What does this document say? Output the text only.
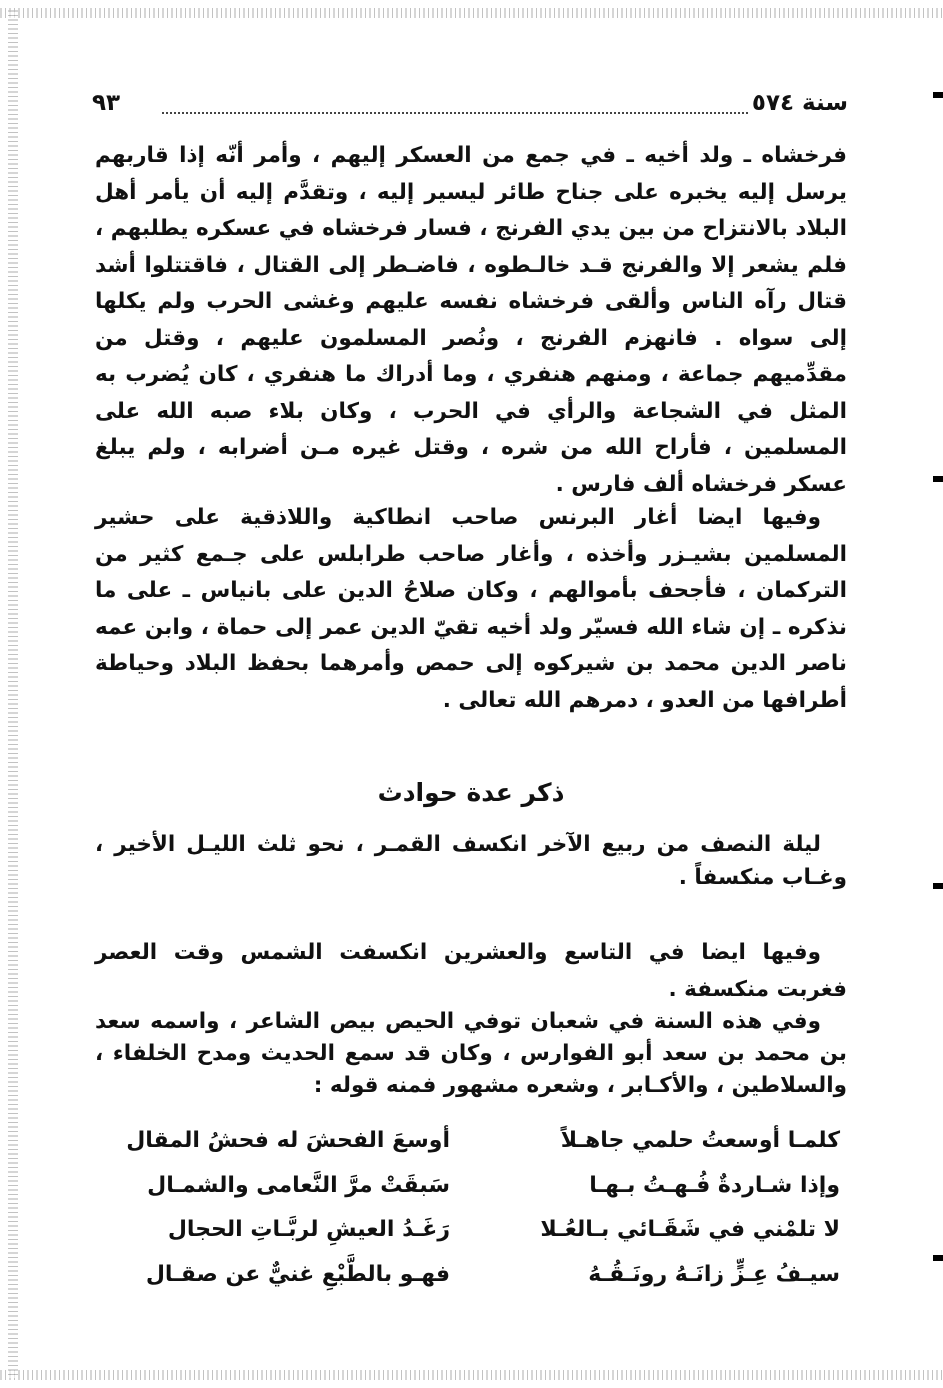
سنة ٥٧٤
٩٣
فرخشاه ـ ولد أخيه ـ في جمع من العسكر إليهم ، وأمر أنّه إذا قاربهم يرسل إليه يخبره على جناح طائر ليسير إليه ، وتقدَّم إليه أن يأمر أهل البلاد بالانتزاح من بين يدي الفرنج ، فسار فرخشاه في عسكره يطلبهم ، فلم يشعر إلا والفرنج قـد خالـطوه ، فاضـطر إلى القتال ، فاقتتلوا أشد قتال رآه الناس وألقى فرخشاه نفسه عليهم وغشى الحرب ولم يكلها إلى سواه . فانهزم الفرنج ، ونُصر المسلمون عليهم ، وقتل من مقدِّميهم جماعة ، ومنهم هنفري ، وما أدراك ما هنفري ، كان يُضرب به المثل في الشجاعة والرأي في الحرب ، وكان بلاء صبه الله على المسلمين ، فأراح الله من شره ، وقتل غيره مـن أضرابه ، ولم يبلغ عسكر فرخشاه ألف فارس .
وفيها ايضا أغار البرنس صاحب انطاكية واللاذقية على حشير المسلمين بشيـزر وأخذه ، وأغار صاحب طرابلس على جـمع كثير من التركمان ، فأجحف بأموالهم ، وكان صلاحُ الدين على بانياس ـ على ما نذكره ـ إن شاء الله فسيّر ولد أخيه تقيّ الدين عمر إلى حماة ، وابن عمه ناصر الدين محمد بن شيركوه إلى حمص وأمرهما بحفظ البلاد وحياطة أطرافها من العدو ، دمرهم الله تعالى .
ذكر عدة حوادث
ليلة النصف من ربيع الآخر انكسف القمـر ، نحو ثلث الليـل الأخير ، وغـاب منكسفاً .
وفيها ايضا في التاسع والعشرين انكسفت الشمس وقت العصر فغربت منكسفة .
وفي هذه السنة في شعبان توفي الحيص بيص الشاعر ، واسمه سعد بن محمد بن سعد أبو الفوارس ، وكان قد سمع الحديث ومدح الخلفاء ، والسلاطين ، والأكـابر ، وشعره مشهور فمنه قوله :
كلمـا أوسعتُ حلمي جاهـلاً
أوسعَ الفحشَ له فحشُ المقال
وإذا شـاردةٌ فُـهـتُ بـهـا
سَبقَتْ مرَّ النَّعامى والشمـال
لا تلمْني في شَقَـائي بـالعُـلا
رَغَـدُ العيشِ لربَّـاتِ الحجال
سيـفُ عِـزٍّ زانَـهُ رونَـقُـهُ
فهـو بالطَّبْعِ غنيٌّ عن صقـال
